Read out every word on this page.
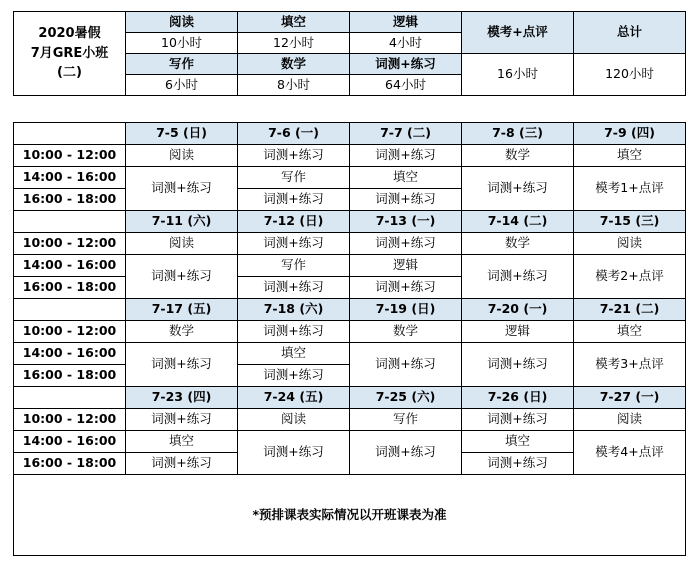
2020暑假
7月GRE小班
(二)	阅读	填空	逻辑	模考+点评	总计
	10小时	12小时	4小时		
	写作	数学	词测+练习	16小时	120小时
	6小时	8小时	64小时		
	7-5 (日)	7-6 (一)	7-7 (二)	7-8 (三)	7-9 (四)
10:00 - 12:00	阅读	词测+练习	词测+练习	数学	填空
14:00 - 16:00	词测+练习	写作	填空	词测+练习	模考1+点评
16:00 - 18:00		词测+练习	词测+练习		
	7-11 (六)	7-12 (日)	7-13 (一)	7-14 (二)	7-15 (三)
10:00 - 12:00	阅读	词测+练习	词测+练习	数学	阅读
14:00 - 16:00	词测+练习	写作	逻辑	词测+练习	模考2+点评
16:00 - 18:00		词测+练习	词测+练习		
	7-17 (五)	7-18 (六)	7-19 (日)	7-20 (一)	7-21 (二)
10:00 - 12:00	数学	词测+练习	数学	逻辑	填空
14:00 - 16:00	词测+练习	填空	词测+练习	词测+练习	模考3+点评
16:00 - 18:00		词测+练习			
	7-23 (四)	7-24 (五)	7-25 (六)	7-26 (日)	7-27 (一)
10:00 - 12:00	词测+练习	阅读	写作	词测+练习	阅读
14:00 - 16:00	填空	词测+练习	词测+练习	填空	模考4+点评
16:00 - 18:00	词测+练习			词测+练习	
*预排课表实际情况以开班课表为准					
